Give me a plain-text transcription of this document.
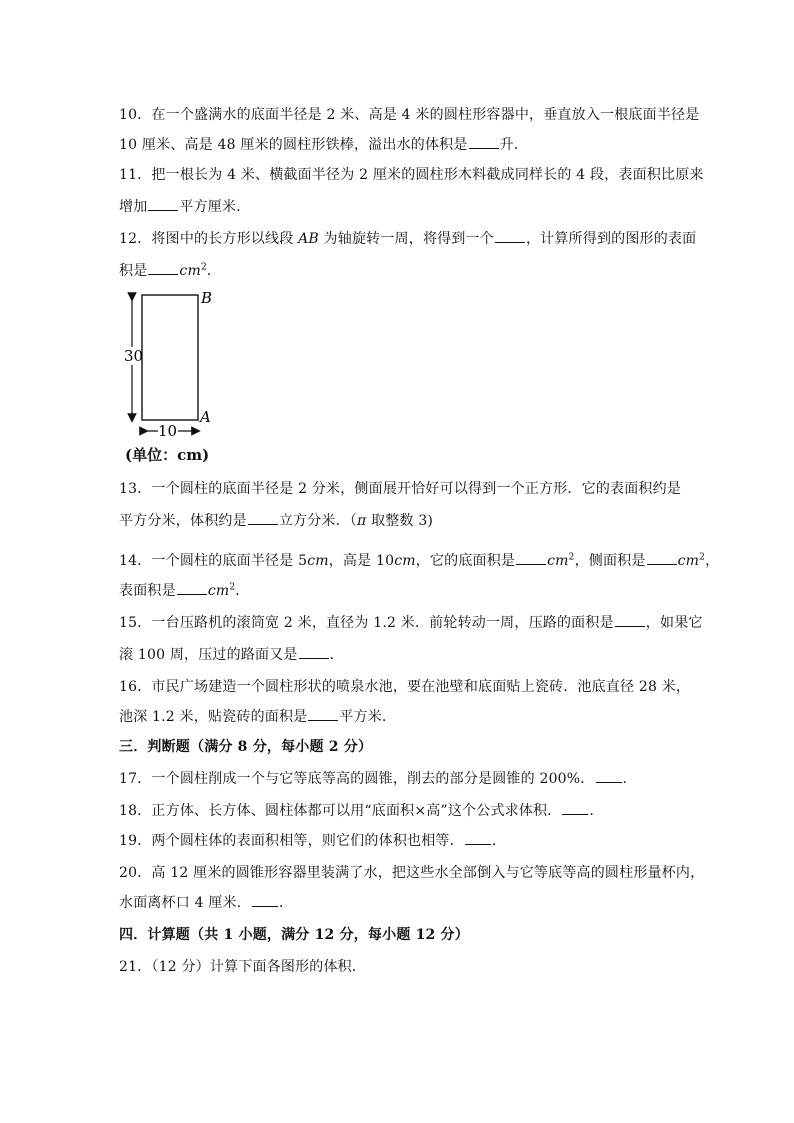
10．在一个盛满水的底面半径是 2 米、高是 4 米的圆柱形容器中，垂直放入一根底面半径是
10 厘米、高是 48 厘米的圆柱形铁棒，溢出水的体积是 升．
11．把一根长为 4 米、横截面半径为 2 厘米的圆柱形木料截成同样长的 4 段，表面积比原来
增加 平方厘米．
12．将图中的长方形以线段 AB 为轴旋转一周，将得到一个 ，计算所得到的图形的表面
积是 $cm^2$．
30
10
B
A
(单位：cm)
13．一个圆柱的底面半径是 2 分米，侧面展开恰好可以得到一个正方形．它的表面积约是
平方分米，体积约是 立方分米．（π 取整数 3)
14．一个圆柱的底面半径是 5cm，高是 10cm，它的底面积是 $cm^2$，侧面积是 $cm^2$，
表面积是 $cm^2$．
15．一台压路机的滚筒宽 2 米，直径为 1.2 米．前轮转动一周，压路的面积是 ，如果它
滚 100 周，压过的路面又是 ．
16．市民广场建造一个圆柱形状的喷泉水池，要在池壁和底面贴上瓷砖．池底直径 28 米，
池深 1.2 米，贴瓷砖的面积是 平方米．
三．判断题（满分 8 分，每小题 2 分）
17．一个圆柱削成一个与它等底等高的圆锥，削去的部分是圆锥的 200%． ．
18．正方体、长方体、圆柱体都可以用“底面积×高”这个公式求体积． ．
19．两个圆柱体的表面积相等，则它们的体积也相等． ．
20．高 12 厘米的圆锥形容器里装满了水，把这些水全部倒入与它等底等高的圆柱形量杯内，
水面离杯口 4 厘米． ．
四．计算题（共 1 小题，满分 12 分，每小题 12 分）
21．（12 分）计算下面各图形的体积．
